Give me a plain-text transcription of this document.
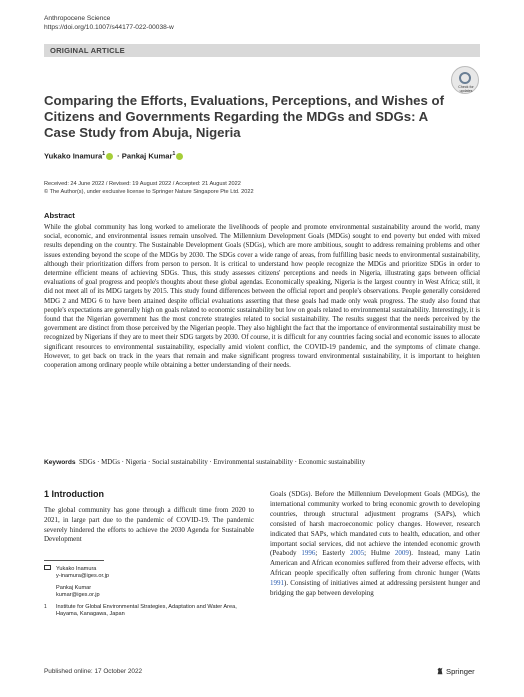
Anthropocene Science
https://doi.org/10.1007/s44177-022-00038-w
ORIGINAL ARTICLE
Check for updates
Comparing the Efforts, Evaluations, Perceptions, and Wishes of Citizens and Governments Regarding the MDGs and SDGs: A Case Study from Abuja, Nigeria
Yukako Inamura$^1$ · Pankaj Kumar$^1$
Received: 24 June 2022 / Revised: 19 August 2022 / Accepted: 21 August 2022
© The Author(s), under exclusive license to Springer Nature Singapore Pte Ltd. 2022
Abstract
While the global community has long worked to ameliorate the livelihoods of people and promote environmental sustainability around the world, many social, economic, and environmental issues remain unsolved. The Millennium Development Goals (MDGs) sought to end poverty but ended with mixed results depending on the country. The Sustainable Development Goals (SDGs), which are more ambitious, sought to address remaining problems and other issues extending beyond the scope of the MDGs by 2030. The SDGs cover a wide range of areas, from fulfilling basic needs to environmental sustainability, although their prioritization differs from person to person. It is critical to understand how people recognize the MDGs and prioritize SDGs in order to determine efficient means of achieving SDGs. Thus, this study assesses citizens' perceptions and needs in Nigeria, illustrating gaps between official evaluations of goal progress and people's thoughts about these global agendas. Economically speaking, Nigeria is the largest country in West Africa; still, it did not meet all of its MDG targets by 2015. This study found differences between the official report and people's observations. People generally considered MDG 2 and MDG 6 to have been attained despite official evaluations asserting that these goals had made only weak progress. The study also found that people's expectations are generally high on goals related to economic sustainability but low on goals related to environmental sustainability. Interestingly, it is found that the Nigerian government has the most concrete strategies related to social sustainability. The results suggest that the needs perceived by the government are distinct from those perceived by the Nigerian people. They also highlight the fact that the importance of environmental sustainability must be recognized by Nigerians if they are to meet their SDG targets by 2030. Of course, it is difficult for any countries facing social and economic issues to allocate significant resources to environmental sustainability, especially amid violent conflict, the COVID-19 pandemic, and the symptoms of climate change. However, to get back on track in the years that remain and make significant progress toward environmental sustainability, it is important to heighten cooperation among ordinary people while obtaining a better understanding of their needs.
Keywords SDGs · MDGs · Nigeria · Social sustainability · Environmental sustainability · Economic sustainability
1 Introduction
The global community has gone through a difficult time from 2020 to 2021, in large part due to the pandemic of COVID-19. The pandemic severely hindered the efforts to achieve the 2030 Agenda for Sustainable Development
Goals (SDGs). Before the Millennium Development Goals (MDGs), the international community worked to bring economic growth to developing countries, through structural adjustment programs (SAPs), which consisted of harsh macroeconomic policy changes. However, research indicated that SAPs, which mandated cuts to health, education, and other important social services, did not achieve the intended economic growth (Peabody 1996; Easterly 2005; Hulme 2009). Instead, many Latin American and African economies suffered from their adverse effects, with African people specifically often suffering from chronic hunger (Watts 1991). Consisting of initiatives aimed at addressing persistent hunger and bridging the gap between developing
Yukako Inamura
y-inamura@iges.or.jp
Pankaj Kumar
kumar@iges.or.jp
1 Institute for Global Environmental Strategies, Adaptation and Water Area, Hayama, Kanagawa, Japan
Published online: 17 October 2022	Springer
